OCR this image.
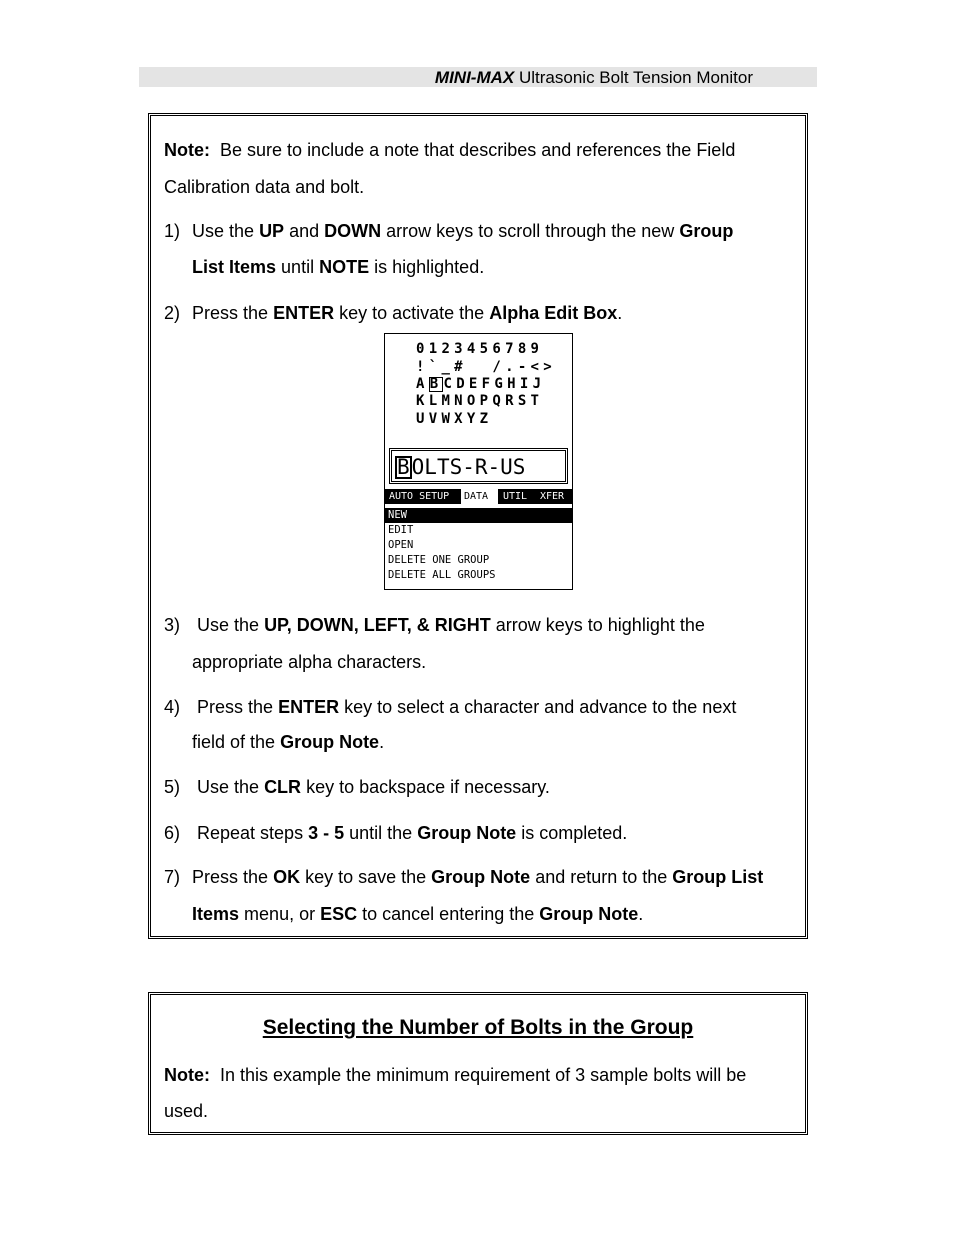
MINI-MAX Ultrasonic Bolt Tension Monitor
Note: Be sure to include a note that describes and references the Field
Calibration data and bolt.
1) Use the UP and DOWN arrow keys to scroll through the new Group
List Items until NOTE is highlighted.
2) Press the ENTER key to activate the Alpha Edit Box.
0123456789
!`_#  /.-<>
ABCDEFGHIJ
KLMNOPQRST
UVWXYZ
BOLTS-R-US
AUTO SETUP	DATA	UTIL XFER
NEW
EDIT
OPEN
DELETE ONE GROUP
DELETE ALL GROUPS
3) Use the UP, DOWN, LEFT, & RIGHT arrow keys to highlight the
appropriate alpha characters.
4) Press the ENTER key to select a character and advance to the next
field of the Group Note.
5) Use the CLR key to backspace if necessary.
6) Repeat steps 3 - 5 until the Group Note is completed.
7) Press the OK key to save the Group Note and return to the Group List
Items menu, or ESC to cancel entering the Group Note.
Selecting the Number of Bolts in the Group
Note: In this example the minimum requirement of 3 sample bolts will be
used.
